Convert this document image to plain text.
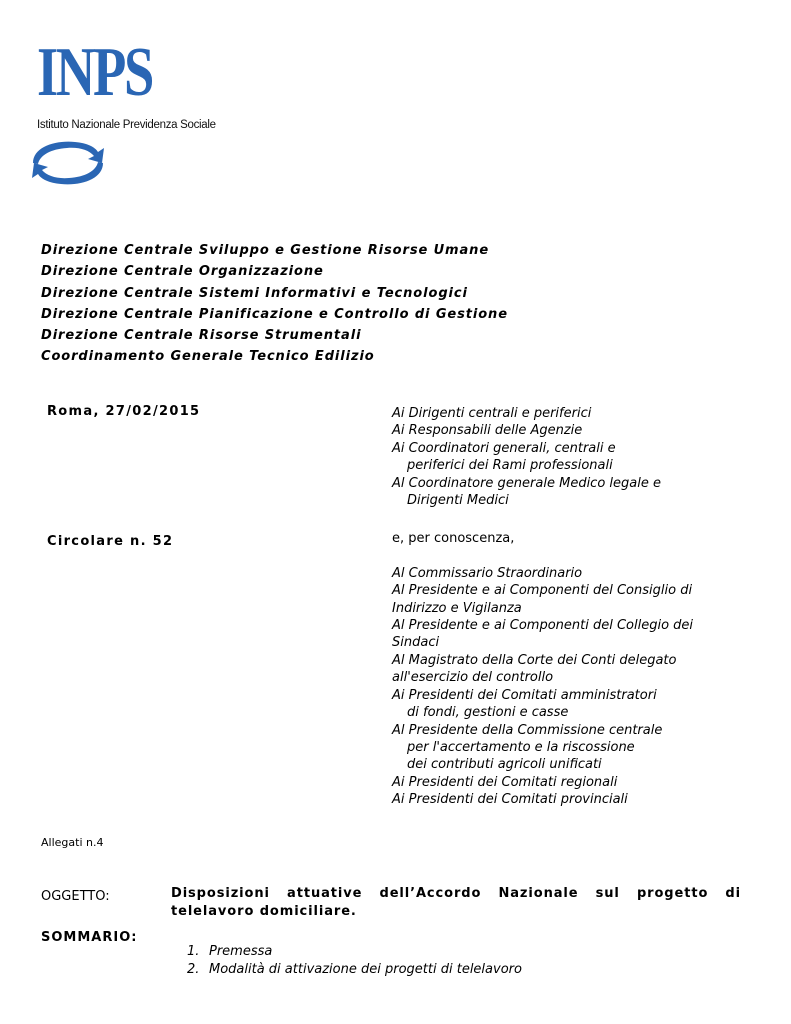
INPS
Istituto Nazionale Previdenza Sociale
Direzione Centrale Sviluppo e Gestione Risorse Umane
Direzione Centrale Organizzazione
Direzione Centrale Sistemi Informativi e Tecnologici
Direzione Centrale Pianificazione e Controllo di Gestione
Direzione Centrale Risorse Strumentali
Coordinamento Generale Tecnico Edilizio
Roma, 27/02/2015
Circolare n. 52
Ai Dirigenti centrali e periferici
Ai Responsabili delle Agenzie
Ai Coordinatori generali, centrali e
periferici dei Rami professionali
Al Coordinatore generale Medico legale e
Dirigenti Medici
e, per conoscenza,
Al Commissario Straordinario
Al Presidente e ai Componenti del Consiglio di
Indirizzo e Vigilanza
Al Presidente e ai Componenti del Collegio dei
Sindaci
Al Magistrato della Corte dei Conti delegato
all'esercizio del controllo
Ai Presidenti dei Comitati amministratori
di fondi, gestioni e casse
Al Presidente della Commissione centrale
per l'accertamento e la riscossione
dei contributi agricoli unificati
Ai Presidenti dei Comitati regionali
Ai Presidenti dei Comitati provinciali
Allegati n.4
OGGETTO:	Disposizioni attuative dell’Accordo Nazionale sul progetto di telelavoro domiciliare.
SOMMARIO:
1. Premessa
2. Modalità di attivazione dei progetti di telelavoro
